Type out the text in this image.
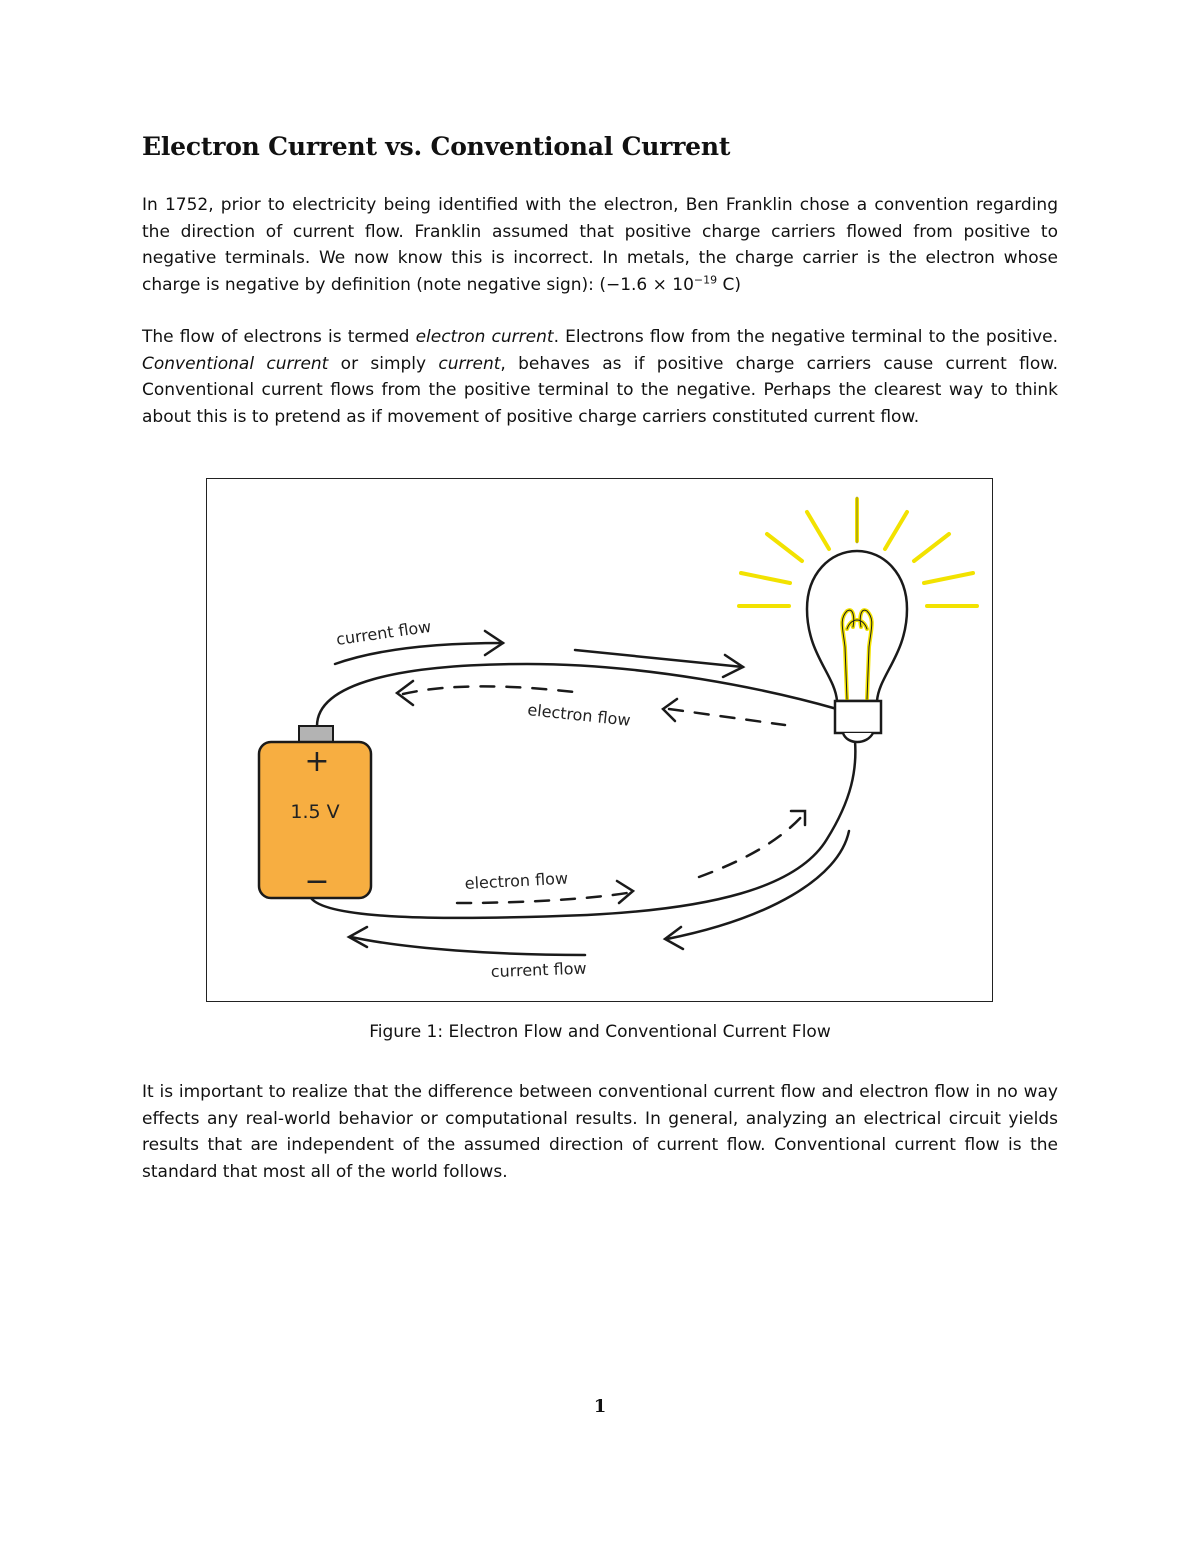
Electron Current vs. Conventional Current

In 1752, prior to electricity being identified with the electron, Ben Franklin chose a convention regarding the direction of current flow. Franklin assumed that positive charge carriers flowed from positive to negative terminals. We now know this is incorrect. In metals, the charge carrier is the electron whose charge is negative by definition (note negative sign): ($-1.6 \times 10^{-19}$ C)

The flow of electrons is termed electron current. Electrons flow from the negative terminal to the positive. Conventional current or simply current, behaves as if positive charge carriers cause current flow. Conventional current flows from the positive terminal to the negative. Perhaps the clearest way to think about this is to pretend as if movement of positive charge carriers constituted current flow.

+
1.5 V
−
current flow
electron flow
electron flow
current flow
Figure 1: Electron Flow and Conventional Current Flow

It is important to realize that the difference between conventional current flow and electron flow in no way effects any real-world behavior or computational results. In general, analyzing an electrical circuit yields results that are independent of the assumed direction of current flow. Conventional current flow is the standard that most all of the world follows.

1
